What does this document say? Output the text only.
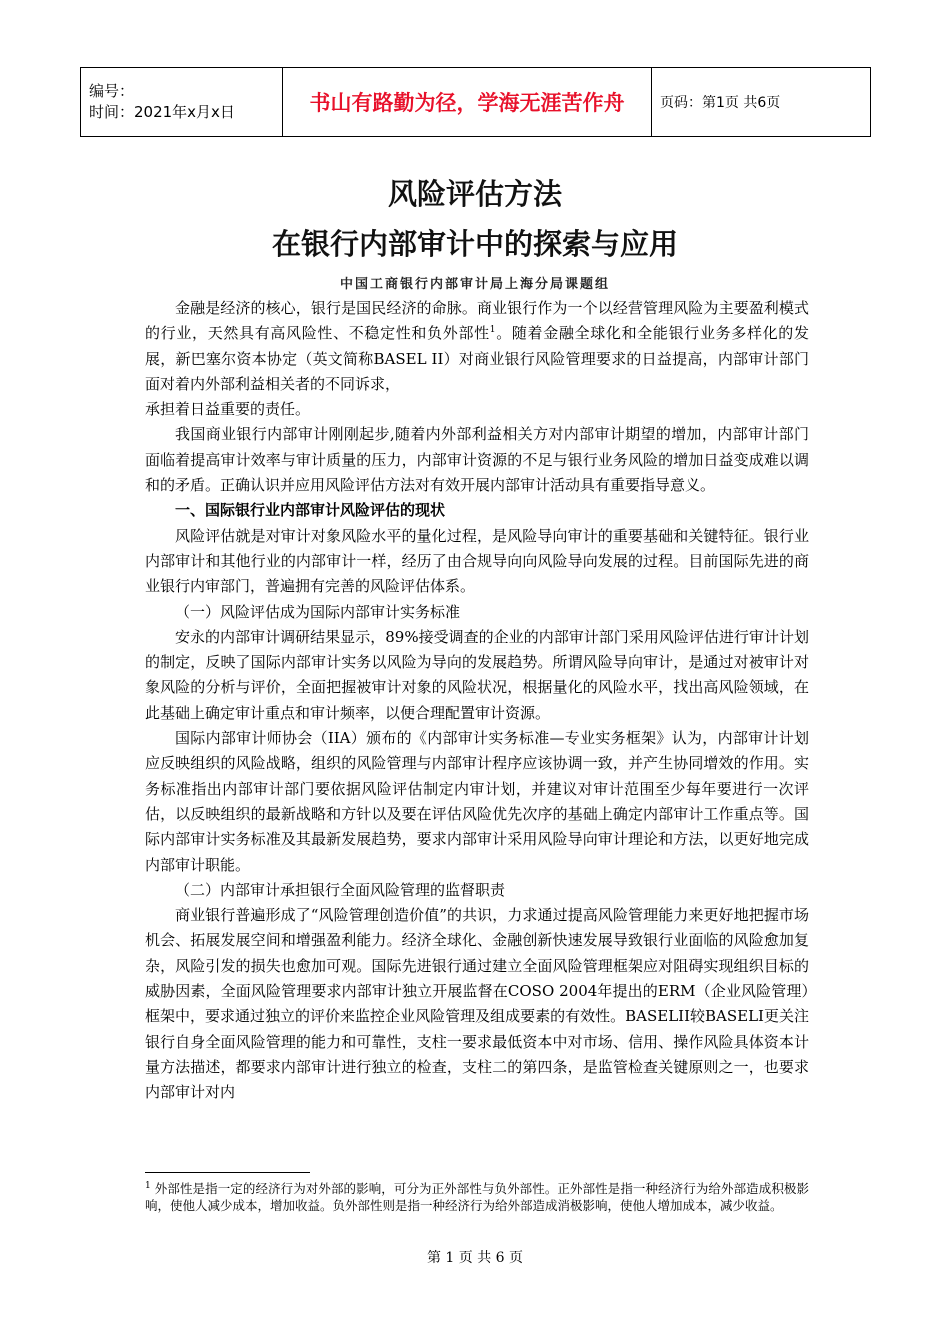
编号：
时间：2021年x月x日	书山有路勤为径，学海无涯苦作舟	页码：第1页 共6页
风险评估方法
在银行内部审计中的探索与应用
中国工商银行内部审计局上海分局课题组

金融是经济的核心，银行是国民经济的命脉。商业银行作为一个以经营管理风险为主要盈利模式的行业，天然具有高风险性、不稳定性和负外部性$^1$。随着金融全球化和全能银行业务多样化的发展，新巴塞尔资本协定（英文简称BASEL II）对商业银行风险管理要求的日益提高，内部审计部门面对着内外部利益相关者的不同诉求，

承担着日益重要的责任。

我国商业银行内部审计刚刚起步,随着内外部利益相关方对内部审计期望的增加，内部审计部门面临着提高审计效率与审计质量的压力，内部审计资源的不足与银行业务风险的增加日益变成难以调和的矛盾。正确认识并应用风险评估方法对有效开展内部审计活动具有重要指导意义。

一、国际银行业内部审计风险评估的现状

风险评估就是对审计对象风险水平的量化过程，是风险导向审计的重要基础和关键特征。银行业内部审计和其他行业的内部审计一样，经历了由合规导向向风险导向发展的过程。目前国际先进的商业银行内审部门，普遍拥有完善的风险评估体系。

（一）风险评估成为国际内部审计实务标准

安永的内部审计调研结果显示，89%接受调查的企业的内部审计部门采用风险评估进行审计计划的制定，反映了国际内部审计实务以风险为导向的发展趋势。所谓风险导向审计，是通过对被审计对象风险的分析与评价，全面把握被审计对象的风险状况，根据量化的风险水平，找出高风险领域，在此基础上确定审计重点和审计频率，以便合理配置审计资源。

国际内部审计师协会（IIA）颁布的《内部审计实务标准—专业实务框架》认为，内部审计计划应反映组织的风险战略，组织的风险管理与内部审计程序应该协调一致，并产生协同增效的作用。实务标准指出内部审计部门要依据风险评估制定内审计划，并建议对审计范围至少每年要进行一次评估，以反映组织的最新战略和方针以及要在评估风险优先次序的基础上确定内部审计工作重点等。国际内部审计实务标准及其最新发展趋势，要求内部审计采用风险导向审计理论和方法，以更好地完成内部审计职能。

（二）内部审计承担银行全面风险管理的监督职责

商业银行普遍形成了“风险管理创造价值”的共识，力求通过提高风险管理能力来更好地把握市场机会、拓展发展空间和增强盈利能力。经济全球化、金融创新快速发展导致银行业面临的风险愈加复杂，风险引发的损失也愈加可观。国际先进银行通过建立全面风险管理框架应对阻碍实现组织目标的威胁因素，全面风险管理要求内部审计独立开展监督在COSO 2004年提出的ERM（企业风险管理）框架中，要求通过独立的评价来监控企业风险管理及组成要素的有效性。BASELII较BASELI更关注银行自身全面风险管理的能力和可靠性，支柱一要求最低资本中对市场、信用、操作风险具体资本计量方法描述，都要求内部审计进行独立的检查，支柱二的第四条，是监管检查关键原则之一，也要求内部审计对内

$^1$ 外部性是指一定的经济行为对外部的影响，可分为正外部性与负外部性。正外部性是指一种经济行为给外部造成积极影响，使他人减少成本，增加收益。负外部性则是指一种经济行为给外部造成消极影响，使他人增加成本，减少收益。

第 1 页 共 6 页
